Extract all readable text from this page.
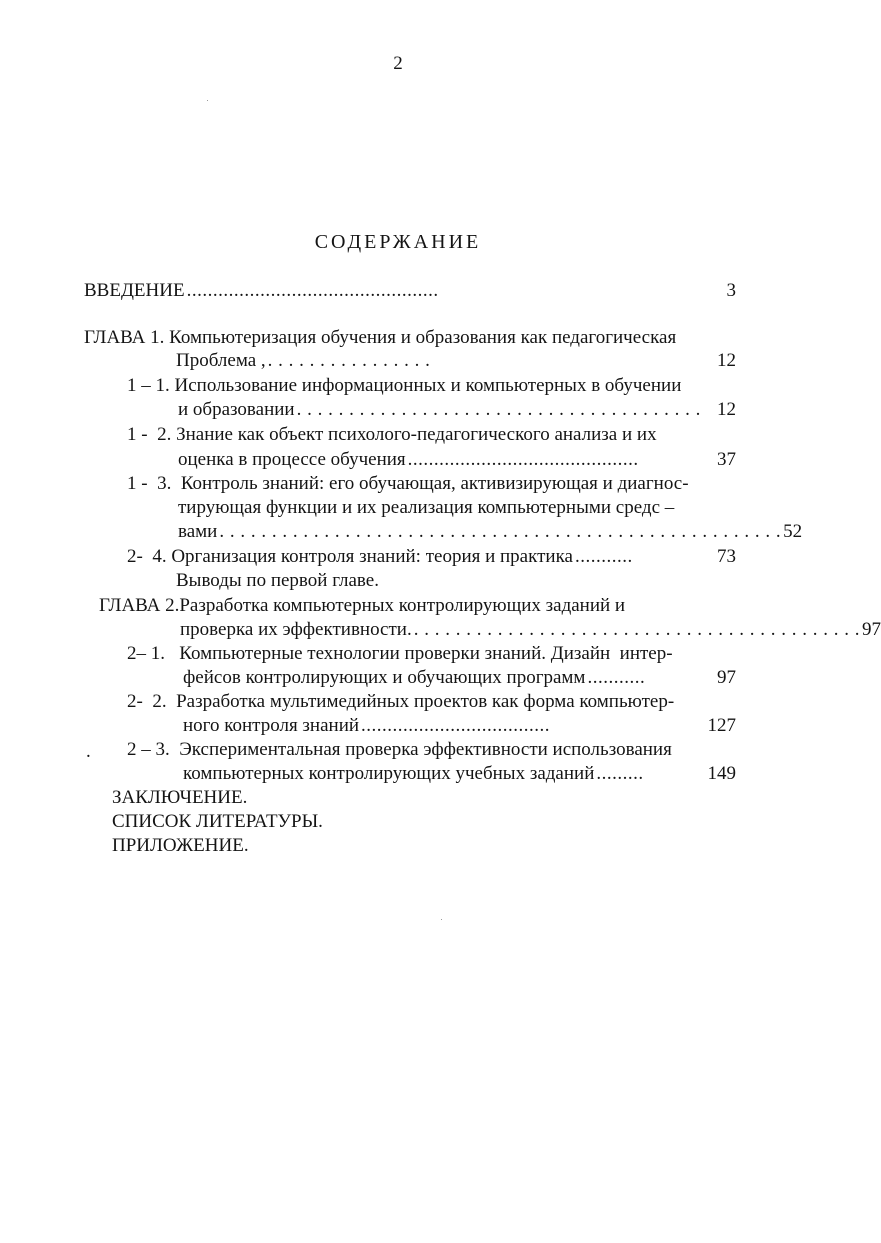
2
СОДЕРЖАНИЕ
ВВЕДЕНИЕ ................................................	3
ГЛАВА 1. Компьютеризация обучения и образования как педагогическая
Проблема , . . . . . . . . . . . . . . . .	12
1 – 1. Использование информационных и компьютерных в обучении
и образовании . . . . . . . . . . . . . . . . . . . . . . . . . . . . . . . . . . . . . . . 12
1 -  2. Знание как объект психолого-педагогического анализа и их
оценка в процессе обучения ............................................	37
1 -  3.  Контроль знаний: его обучающая, активизирующая и диагнос-
тирующая функции и их реализация компьютерными средс –
вами . . . . . . . . . . . . . . . . . . . . . . . . . . . . . . . . . . . . . . . . . . . . . . . . . . . . . . 52
2-  4. Организация контроля знаний: теория и практика ...........	73
Выводы по первой главе.
ГЛАВА 2.Разработка компьютерных контролирующих заданий и
проверка их эффективности. . . . . . . . . . . . . . . . . . . . . . . . . . . . . . . . . . . . . . . . . . . . 97
2– 1.   Компьютерные технологии проверки знаний. Дизайн  интер-
фейсов контролирующих и обучающих программ ...........	97
2-  2.  Разработка мультимедийных проектов как форма компьютер-
ного контроля знаний ....................................	127
. 2 – 3.  Экспериментальная проверка эффективности использования
компьютерных контролирующих учебных заданий .........	149
ЗАКЛЮЧЕНИЕ.
СПИСОК ЛИТЕРАТУРЫ.
ПРИЛОЖЕНИЕ.
